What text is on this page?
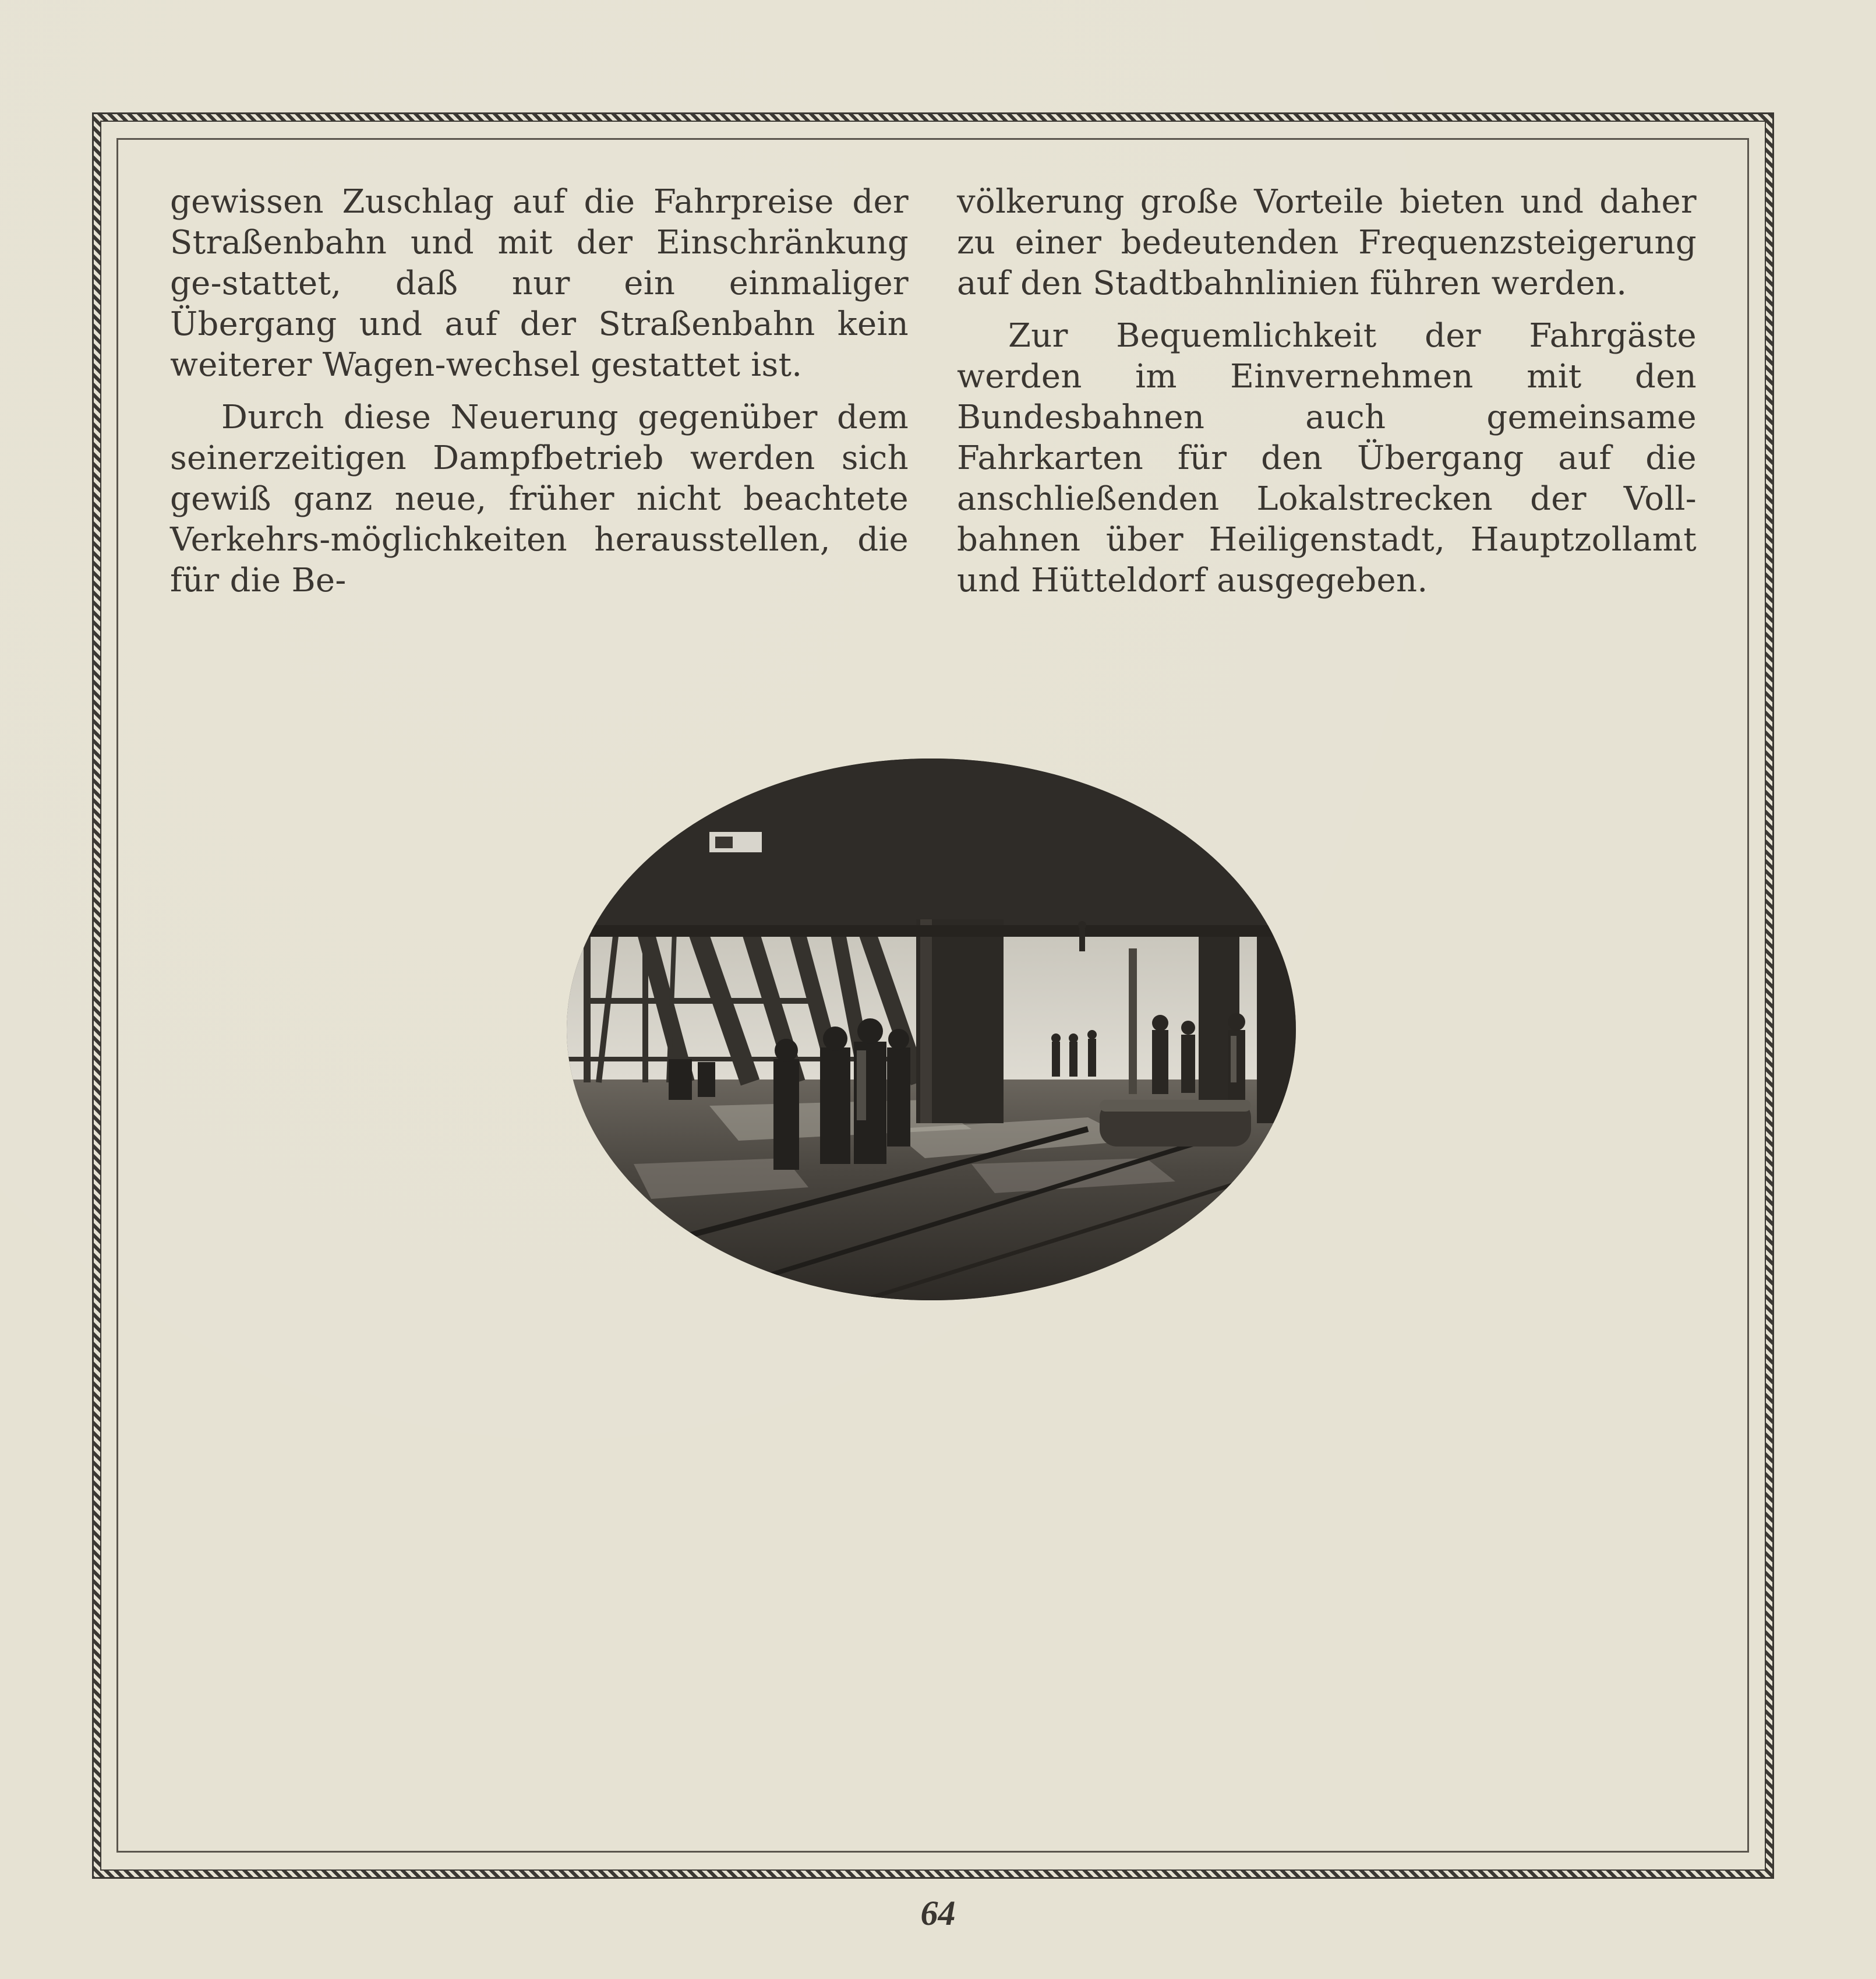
gewissen Zuschlag auf die Fahrpreise der Straßenbahn und mit der Einschränkung ge-stattet, daß nur ein einmaliger Übergang und auf der Straßenbahn kein weiterer Wagen-wechsel gestattet ist.

Durch diese Neuerung gegenüber dem seinerzeitigen Dampfbetrieb werden sich gewiß ganz neue, früher nicht beachtete Verkehrs-möglichkeiten herausstellen, die für die Be-

völkerung große Vorteile bieten und daher zu einer bedeutenden Frequenzsteigerung auf den Stadtbahnlinien führen werden.

Zur Bequemlichkeit der Fahrgäste werden im Einvernehmen mit den Bundesbahnen auch gemeinsame Fahrkarten für den Übergang auf die anschließenden Lokalstrecken der Voll-bahnen über Heiligenstadt, Hauptzollamt und Hütteldorf ausgegeben.

64
